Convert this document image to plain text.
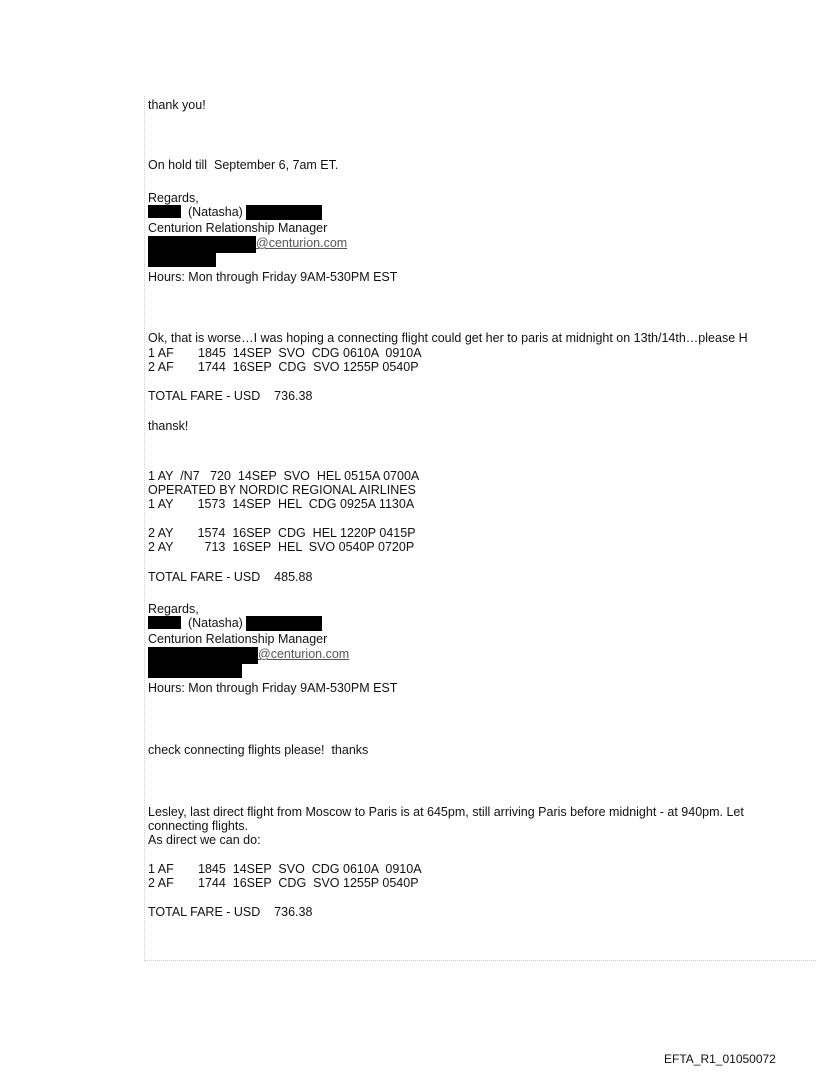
thank you!
On hold till  September 6, 7am ET.
Regards,
(Natasha)
Centurion Relationship Manager
@centurion.com
Hours: Mon through Friday 9AM-530PM EST
Ok, that is worse…I was hoping a connecting flight could get her to paris at midnight on 13th/14th…please H
1 AF       1845  14SEP  SVO  CDG 0610A  0910A
2 AF       1744  16SEP  CDG  SVO 1255P 0540P
TOTAL FARE - USD    736.38
thansk!
1 AY  /N7   720  14SEP  SVO  HEL 0515A 0700A
OPERATED BY NORDIC REGIONAL AIRLINES
1 AY       1573  14SEP  HEL  CDG 0925A 1130A
2 AY       1574  16SEP  CDG  HEL 1220P 0415P
2 AY         713  16SEP  HEL  SVO 0540P 0720P
TOTAL FARE - USD    485.88
Regards,
(Natasha)
Centurion Relationship Manager
@centurion.com
Hours: Mon through Friday 9AM-530PM EST
check connecting flights please!  thanks
Lesley, last direct flight from Moscow to Paris is at 645pm, still arriving Paris before midnight - at 940pm. Let
connecting flights.
As direct we can do:
1 AF       1845  14SEP  SVO  CDG 0610A  0910A
2 AF       1744  16SEP  CDG  SVO 1255P 0540P
TOTAL FARE - USD    736.38
EFTA_R1_01050072
